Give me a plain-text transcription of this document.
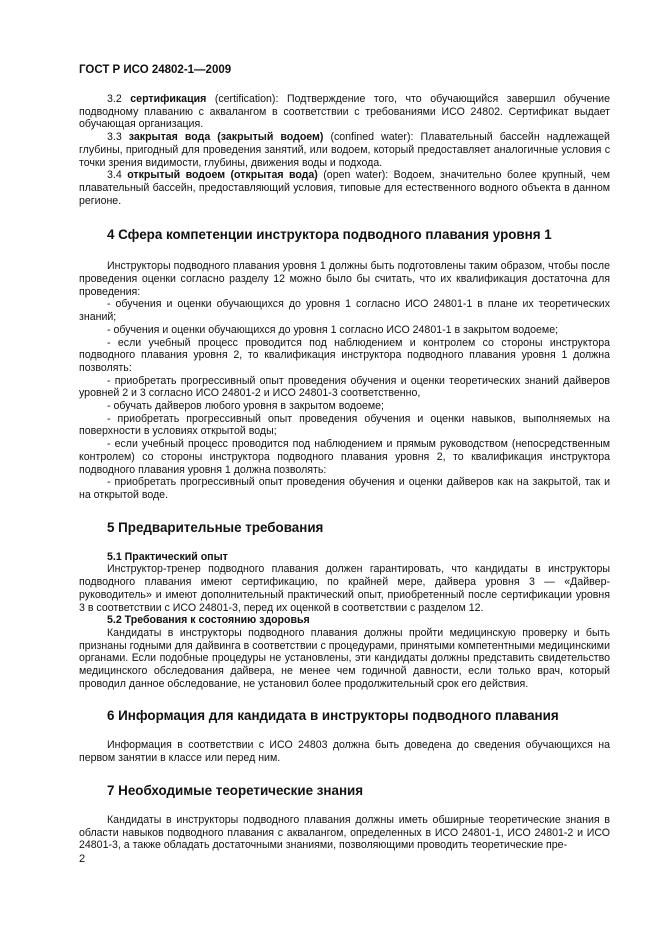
ГОСТ Р ИСО 24802-1—2009

3.2 сертификация (certification): Подтверждение того, что обучающийся завершил обучение подводному плаванию с аквалангом в соответствии с требованиями ИСО 24802. Сертификат выдает обучающая организация.

3.3 закрытая вода (закрытый водоем) (confined water): Плавательный бассейн надлежащей глубины, пригодный для проведения занятий, или водоем, который предоставляет аналогичные условия с точки зрения видимости, глубины, движения воды и подхода.

3.4 открытый водоем (открытая вода) (open water): Водоем, значительно более крупный, чем плавательный бассейн, предоставляющий условия, типовые для естественного водного объекта в данном регионе.

4 Сфера компетенции инструктора подводного плавания уровня 1

Инструкторы подводного плавания уровня 1 должны быть подготовлены таким образом, чтобы после проведения оценки согласно разделу 12 можно было бы считать, что их квалификация достаточна для проведения:

- обучения и оценки обучающихся до уровня 1 согласно ИСО 24801-1 в плане их теоретических знаний;

- обучения и оценки обучающихся до уровня 1 согласно ИСО 24801-1 в закрытом водоеме;

- если учебный процесс проводится под наблюдением и контролем со стороны инструктора подводного плавания уровня 2, то квалификация инструктора подводного плавания уровня 1 должна позволять:

- приобретать прогрессивный опыт проведения обучения и оценки теоретических знаний дайверов уровней 2 и 3 согласно ИСО 24801-2 и ИСО 24801-3 соответственно,

- обучать дайверов любого уровня в закрытом водоеме;

- приобретать прогрессивный опыт проведения обучения и оценки навыков, выполняемых на поверхности в условиях открытой воды;

- если учебный процесс проводится под наблюдением и прямым руководством (непосредственным контролем) со стороны инструктора подводного плавания уровня 2, то квалификация инструктора подводного плавания уровня 1 должна позволять:

- приобретать прогрессивный опыт проведения обучения и оценки дайверов как на закрытой, так и на открытой воде.

5 Предварительные требования
5.1 Практический опыт

Инструктор-тренер подводного плавания должен гарантировать, что кандидаты в инструкторы подводного плавания имеют сертификацию, по крайней мере, дайвера уровня 3 — «Дайвер-руководитель» и имеют дополнительный практический опыт, приобретенный после сертификации уровня 3 в соответствии с ИСО 24801-3, перед их оценкой в соответствии с разделом 12.

5.2 Требования к состоянию здоровья

Кандидаты в инструкторы подводного плавания должны пройти медицинскую проверку и быть признаны годными для дайвинга в соответствии с процедурами, принятыми компетентными медицинскими органами. Если подобные процедуры не установлены, эти кандидаты должны представить свидетельство медицинского обследования дайвера, не менее чем годичной давности, если только врач, который проводил данное обследование, не установил более продолжительный срок его действия.

6 Информация для кандидата в инструкторы подводного плавания

Информация в соответствии с ИСО 24803 должна быть доведена до сведения обучающихся на первом занятии в классе или перед ним.

7 Необходимые теоретические знания

Кандидаты в инструкторы подводного плавания должны иметь обширные теоретические знания в области навыков подводного плавания с аквалангом, определенных в ИСО 24801-1, ИСО 24801-2 и ИСО 24801-3, а также обладать достаточными знаниями, позволяющими проводить теоретические пре-

2
